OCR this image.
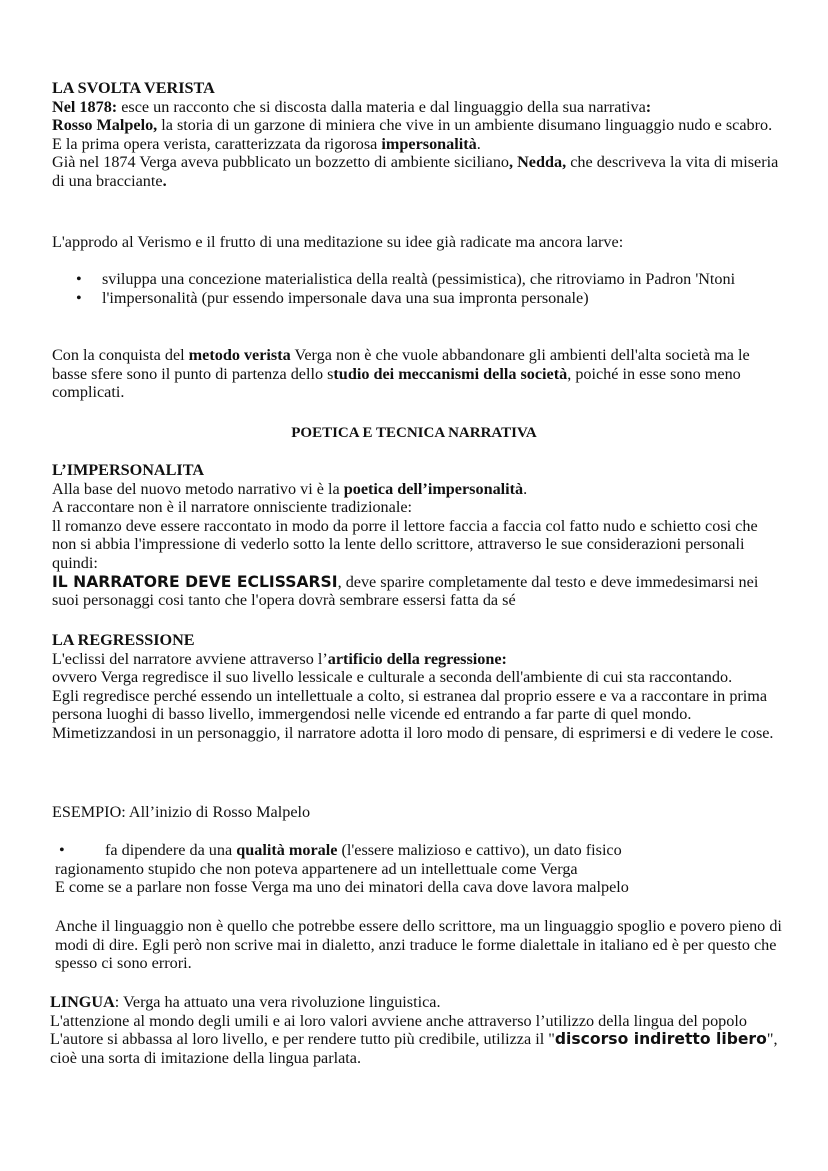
LA SVOLTA VERISTA

Nel 1878: esce un racconto che si discosta dalla materia e dal linguaggio della sua narrativa:
Rosso Malpelo, la storia di un garzone di miniera che vive in un ambiente disumano linguaggio nudo e scabro.

E la prima opera verista, caratterizzata da rigorosa impersonalità.

Già nel 1874 Verga aveva pubblicato un bozzetto di ambiente siciliano, Nedda, che descriveva la vita di miseria di una bracciante.

L'approdo al Verismo e il frutto di una meditazione su idee già radicate ma ancora larve:

• sviluppa una concezione materialistica della realtà (pessimistica), che ritroviamo in Padron 'Ntoni
• l'impersonalità (pur essendo impersonale dava una sua impronta personale)

Con la conquista del metodo verista Verga non è che vuole abbandonare gli ambienti dell'alta società ma le basse sfere sono il punto di partenza dello studio dei meccanismi della società, poiché in esse sono meno complicati.

POETICA E TECNICA NARRATIVA

L’IMPERSONALITA

Alla base del nuovo metodo narrativo vi è la poetica dell’impersonalità.

A raccontare non è il narratore onnisciente tradizionale:

ll romanzo deve essere raccontato in modo da porre il lettore faccia a faccia col fatto nudo e schietto cosi che non si abbia l'impressione di vederlo sotto la lente dello scrittore, attraverso le sue considerazioni personali quindi:

IL NARRATORE DEVE ECLISSARSI, deve sparire completamente dal testo e deve immedesimarsi nei suoi personaggi cosi tanto che l'opera dovrà sembrare essersi fatta da sé

LA REGRESSIONE

L'eclissi del narratore avviene attraverso l’artificio della regressione:

ovvero Verga regredisce il suo livello lessicale e culturale a seconda dell'ambiente di cui sta raccontando.

Egli regredisce perché essendo un intellettuale a colto, si estranea dal proprio essere e va a raccontare in prima persona luoghi di basso livello, immergendosi nelle vicende ed entrando a far parte di quel mondo. Mimetizzandosi in un personaggio, il narratore adotta il loro modo di pensare, di esprimersi e di vedere le cose.

ESEMPIO: All’inizio di Rosso Malpelo

• fa dipendere da una qualità morale (l'essere malizioso e cattivo), un dato fisico

ragionamento stupido che non poteva appartenere ad un intellettuale come Verga

E come se a parlare non fosse Verga ma uno dei minatori della cava dove lavora malpelo

Anche il linguaggio non è quello che potrebbe essere dello scrittore, ma un linguaggio spoglio e povero pieno di modi di dire. Egli però non scrive mai in dialetto, anzi traduce le forme dialettale in italiano ed è per questo che spesso ci sono errori.

LINGUA: Verga ha attuato una vera rivoluzione linguistica.

L'attenzione al mondo degli umili e ai loro valori avviene anche attraverso l’utilizzo della lingua del popolo

L'autore si abbassa al loro livello, e per rendere tutto più credibile, utilizza il "discorso indiretto libero", cioè una sorta di imitazione della lingua parlata.
